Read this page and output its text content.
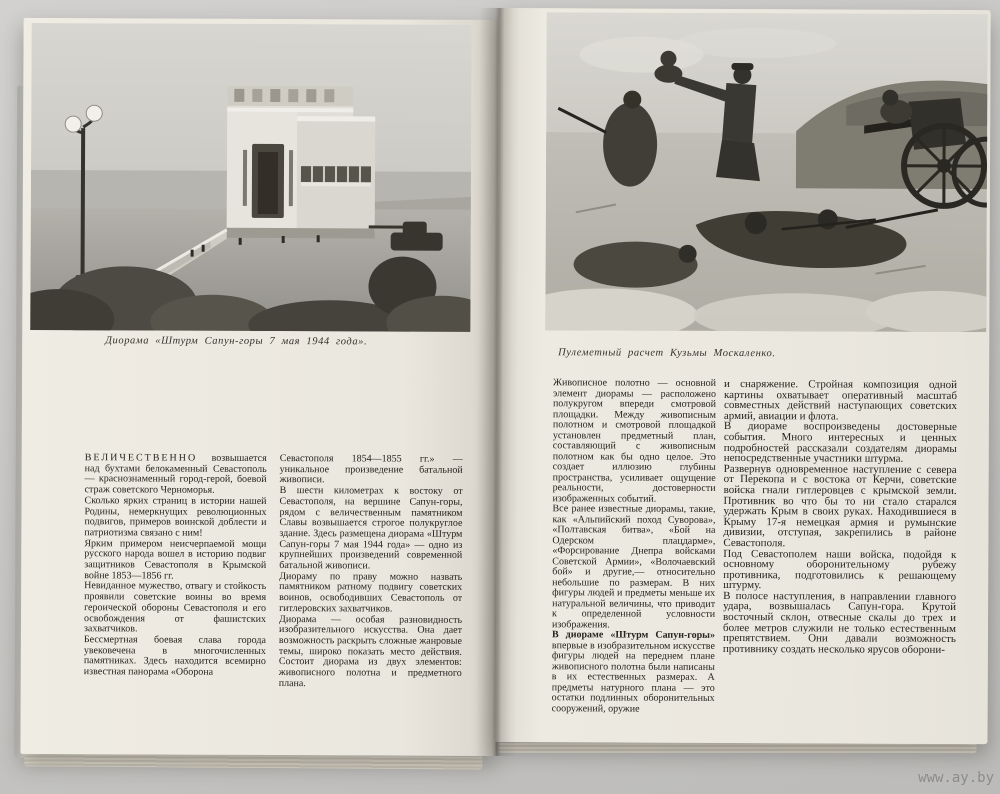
Диорама «Штурм Сапун-горы 7 мая 1944 года».

ВЕЛИЧЕСТВЕННО возвышается над бухтами белокаменный Севастополь — краснознаменный город-герой, боевой страж советского Черноморья.

Сколько ярких страниц в истории нашей Родины, немеркнущих революционных подвигов, примеров воинской доблести и патриотизма связано с ним!

Ярким примером неисчерпаемой мощи русского народа вошел в историю подвиг защитников Севастополя в Крымской войне 1853—1856 гг.

Невиданное мужество, отвагу и стойкость проявили советские воины во время героической обороны Севастополя и его освобождения от фашистских захватчиков.

Бессмертная боевая слава города увековечена в многочисленных памятниках. Здесь находится всемирно известная панорама «Оборона

Севастополя 1854—1855 гг.» — уникальное произведение батальной живописи.

В шести километрах к востоку от Севастополя, на вершине Сапун-горы, рядом с величественным памятником Славы возвышается строгое полукруглое здание. Здесь размещена диорама «Штурм Сапун-горы 7 мая 1944 года» — одно из крупнейших произведений современной батальной живописи.

Диораму по праву можно назвать памятником ратному подвигу советских воинов, освободивших Севастополь от гитлеровских захватчиков.

Диорама — особая разновидность изобразительного искусства. Она дает возможность раскрыть сложные жанровые темы, широко показать место действия. Состоит диорама из двух элементов: живописного полотна и предметного плана.

Пулеметный расчет Кузьмы Москаленко.

Живописное полотно — основной элемент диорамы — расположено полукругом впереди смотровой площадки. Между живописным полотном и смотровой площадкой установлен предметный план, составляющий с живописным полотном как бы одно целое. Это создает иллюзию глубины пространства, усиливает ощущение реальности, достоверности изображенных событий.

Все ранее известные диорамы, такие, как «Альпийский поход Суворова», «Полтавская битва», «Бой на Одерском плацдарме», «Форсирование Днепра войсками Советской Армии», «Волочаевский бой» и другие,— относительно небольшие по размерам. В них фигуры людей и предметы меньше их натуральной величины, что приводит к определенной условности изображения.

В диораме «Штурм Сапун-горы» впервые в изобразительном искусстве фигуры людей на переднем плане живописного полотна были написаны в их естественных размерах. А предметы натурного плана — это остатки подлинных оборонительных сооружений, оружие

и снаряжение. Стройная композиция одной картины охватывает оперативный масштаб совместных действий наступающих советских армий, авиации и флота.

В диораме воспроизведены достоверные события. Много интересных и ценных подробностей рассказали создателям диорамы непосредственные участники штурма.

Развернув одновременное наступление с севера от Перекопа и с востока от Керчи, советские войска гнали гитлеровцев с крымской земли. Противник во что бы то ни стало старался удержать Крым в своих руках. Находившиеся в Крыму 17-я немецкая армия и румынские дивизии, отступая, закрепились в районе Севастополя.

Под Севастополем наши войска, подойдя к основному оборонительному рубежу противника, подготовились к решающему штурму.

В полосе наступления, в направлении главного удара, возвышалась Сапун-гора. Крутой восточный склон, отвесные скалы до трех и более метров служили не только естественным препятствием. Они давали возможность противнику создать несколько ярусов оборони-

www.ay.by
